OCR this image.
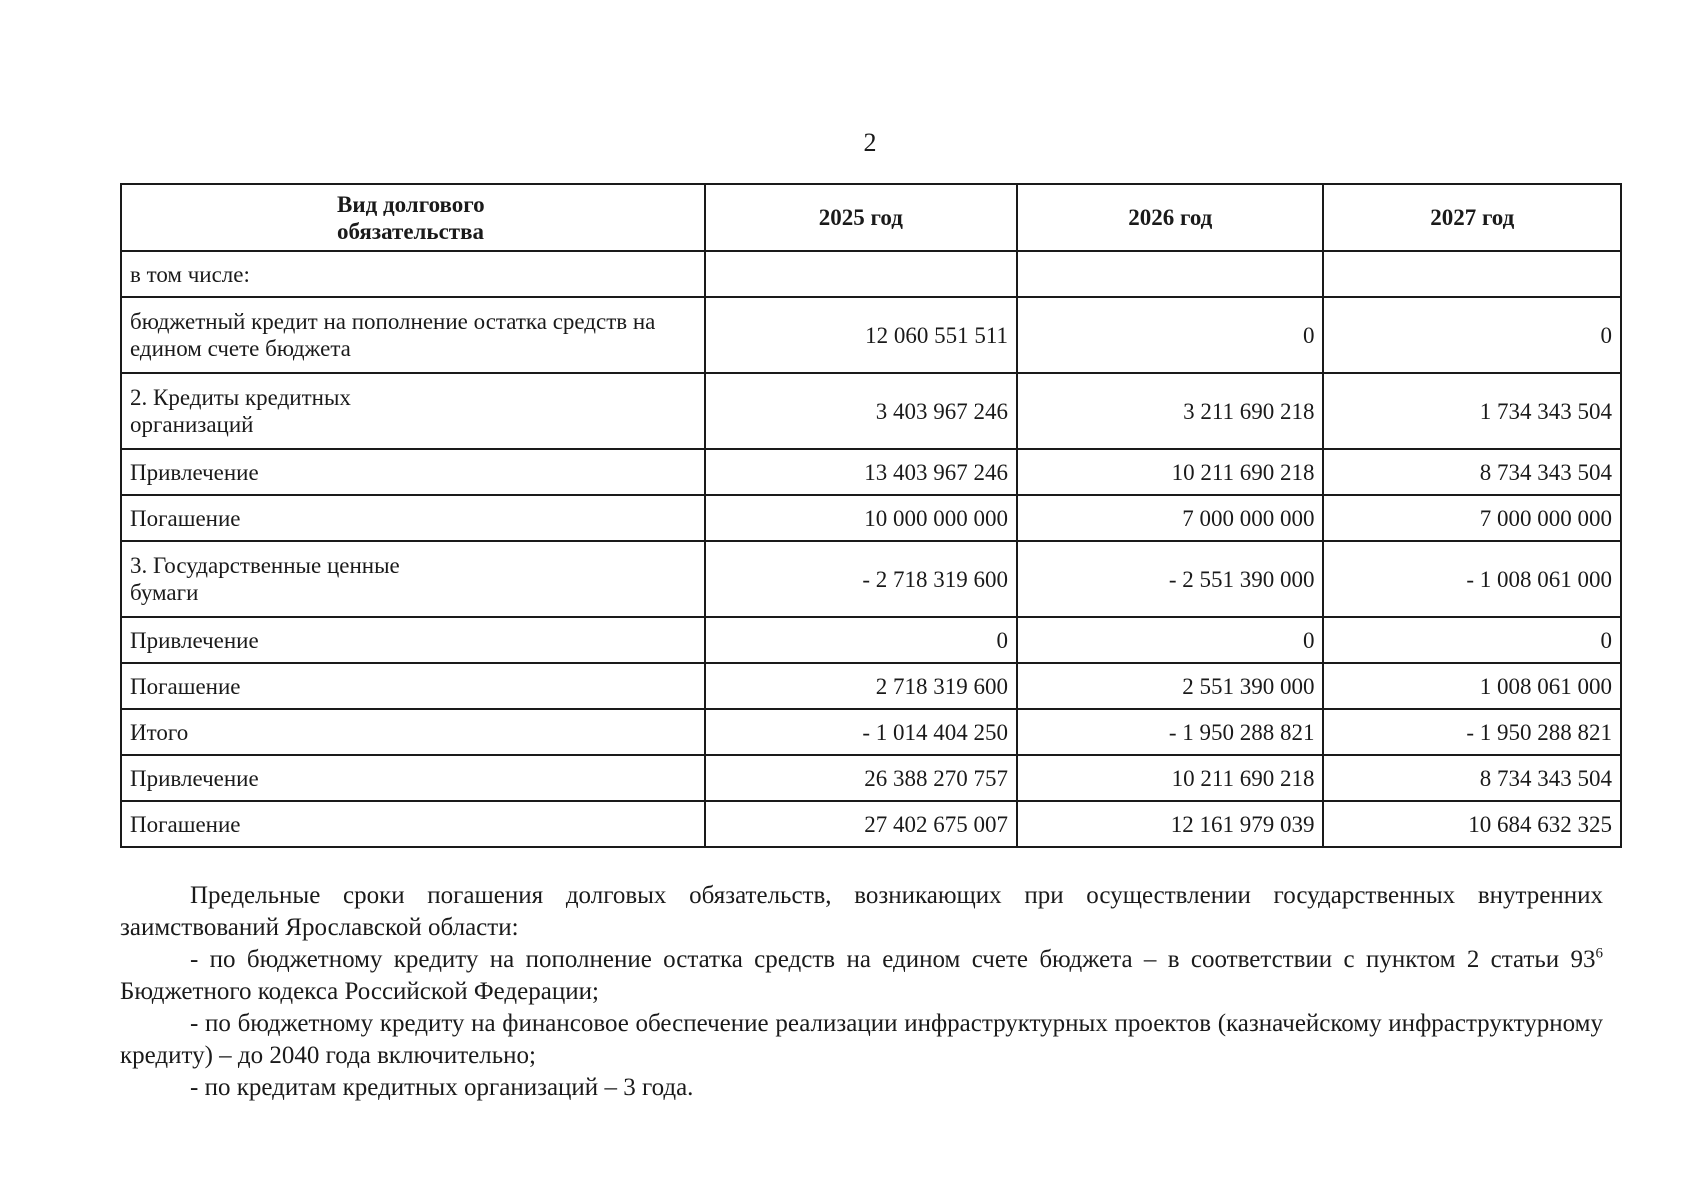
2
Вид долгового
обязательства	2025 год	2026 год	2027 год
в том числе:			
бюджетный кредит на пополнение остатка средств на едином счете бюджета	12 060 551 511	0	0
2. Кредиты кредитных
организаций	3 403 967 246	3 211 690 218	1 734 343 504
Привлечение	13 403 967 246	10 211 690 218	8 734 343 504
Погашение	10 000 000 000	7 000 000 000	7 000 000 000
3. Государственные ценные
бумаги	- 2 718 319 600	- 2 551 390 000	- 1 008 061 000
Привлечение	0	0	0
Погашение	2 718 319 600	2 551 390 000	1 008 061 000
Итого	- 1 014 404 250	- 1 950 288 821	- 1 950 288 821
Привлечение	26 388 270 757	10 211 690 218	8 734 343 504
Погашение	27 402 675 007	12 161 979 039	10 684 632 325

Предельные сроки погашения долговых обязательств, возникающих при осуществлении государственных внутренних заимствований Ярославской области:

- по бюджетному кредиту на пополнение остатка средств на едином счете бюджета – в соответствии с пунктом 2 статьи $93^6$ Бюджетного кодекса Российской Федерации;

- по бюджетному кредиту на финансовое обеспечение реализации инфраструктурных проектов (казначейскому инфраструктурному кредиту) – до 2040 года включительно;

- по кредитам кредитных организаций – 3 года.
